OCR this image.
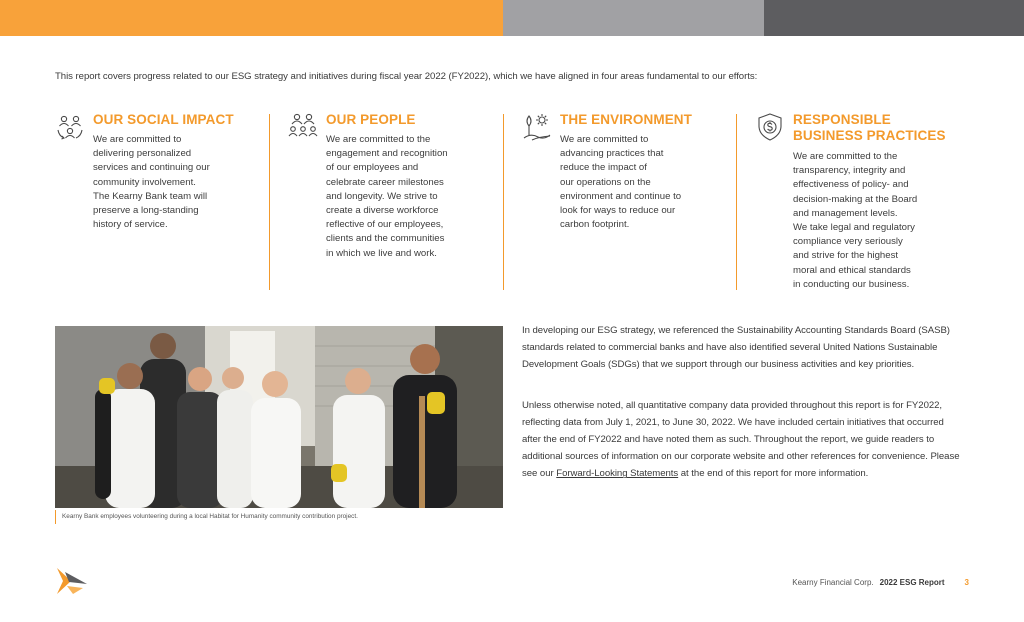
This report covers progress related to our ESG strategy and initiatives during fiscal year 2022 (FY2022), which we have aligned in four areas fundamental to our efforts:

OUR SOCIAL IMPACT
We are committed to
delivering personalized
services and continuing our
community involvement.
The Kearny Bank team will
preserve a long-standing
history of service.
OUR PEOPLE
We are committed to the
engagement and recognition
of our employees and
celebrate career milestones
and longevity. We strive to
create a diverse workforce
reflective of our employees,
clients and the communities
in which we live and work.
THE ENVIRONMENT
We are committed to
advancing practices that
reduce the impact of
our operations on the
environment and continue to
look for ways to reduce our
carbon footprint.
RESPONSIBLE
BUSINESS PRACTICES
We are committed to the
transparency, integrity and
effectiveness of policy- and
decision-making at the Board
and management levels.
We take legal and regulatory
compliance very seriously
and strive for the highest
moral and ethical standards
in conducting our business.
Kearny Bank employees volunteering during a local Habitat for Humanity community contribution project.

In developing our ESG strategy, we referenced the Sustainability Accounting Standards Board (SASB) standards related to commercial banks and have also identified several United Nations Sustainable Development Goals (SDGs) that we support through our business activities and key priorities.

Unless otherwise noted, all quantitative company data provided throughout this report is for FY2022, reflecting data from July 1, 2021, to June 30, 2022. We have included certain initiatives that occurred after the end of FY2022 and have noted them as such. Throughout the report, we guide readers to additional sources of information on our corporate website and other references for convenience. Please see our Forward-Looking Statements at the end of this report for more information.

Kearny Financial Corp. 2022 ESG Report	3
